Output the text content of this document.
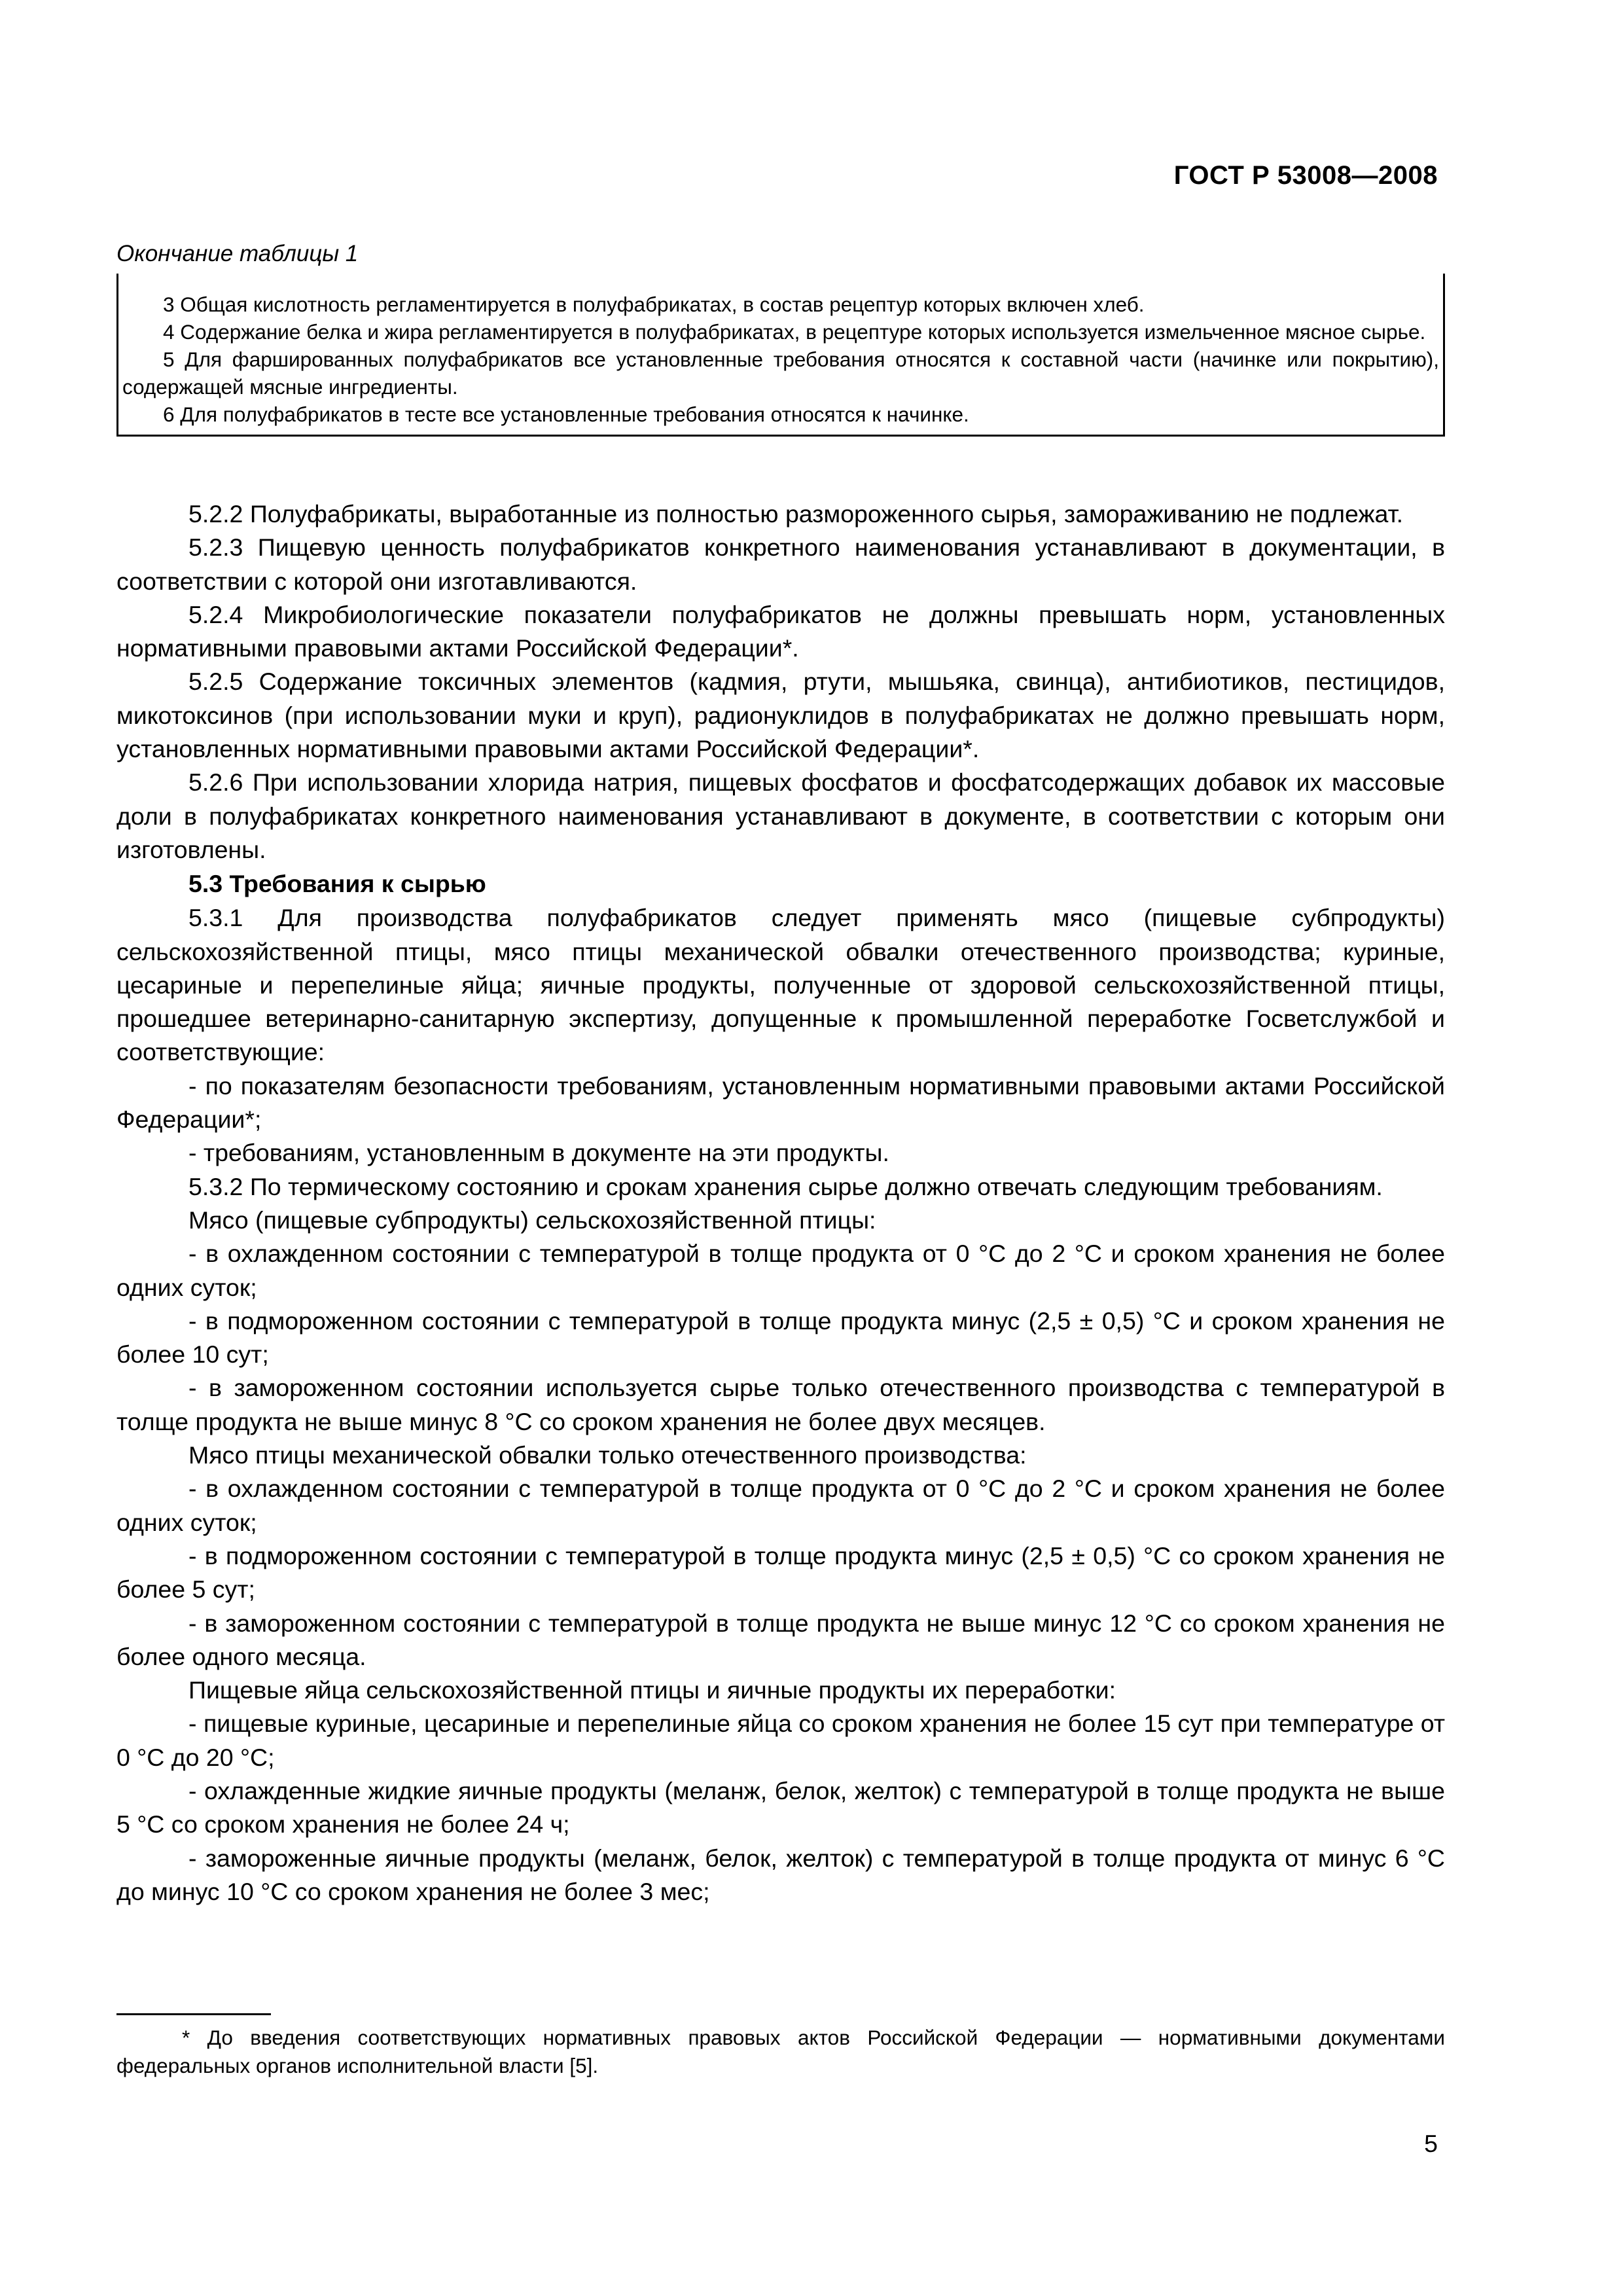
ГОСТ Р 53008—2008
Окончание таблицы 1

3 Общая кислотность регламентируется в полуфабрикатах, в состав рецептур которых включен хлеб.

4 Содержание белка и жира регламентируется в полуфабрикатах, в рецептуре которых используется измельченное мясное сырье.

5 Для фаршированных полуфабрикатов все установленные требования относятся к составной части (начинке или покрытию), содержащей мясные ингредиенты.

6 Для полуфабрикатов в тесте все установленные требования относятся к начинке.

5.2.2 Полуфабрикаты, выработанные из полностью размороженного сырья, замораживанию не подлежат.

5.2.3 Пищевую ценность полуфабрикатов конкретного наименования устанавливают в документации, в соответствии с которой они изготавливаются.

5.2.4 Микробиологические показатели полуфабрикатов не должны превышать норм, установленных нормативными правовыми актами Российской Федерации*.

5.2.5 Содержание токсичных элементов (кадмия, ртути, мышьяка, свинца), антибиотиков, пестицидов, микотоксинов (при использовании муки и круп), радионуклидов в полуфабрикатах не должно превышать норм, установленных нормативными правовыми актами Российской Федерации*.

5.2.6 При использовании хлорида натрия, пищевых фосфатов и фосфатсодержащих добавок их массовые доли в полуфабрикатах конкретного наименования устанавливают в документе, в соответствии с которым они изготовлены.

5.3 Требования к сырью

5.3.1 Для производства полуфабрикатов следует применять мясо (пищевые субпродукты) сельскохозяйственной птицы, мясо птицы механической обвалки отечественного производства; куриные, цесариные и перепелиные яйца; яичные продукты, полученные от здоровой сельскохозяйственной птицы, прошедшее ветеринарно-санитарную экспертизу, допущенные к промышленной переработке Госветслужбой и соответствующие:

- по показателям безопасности требованиям, установленным нормативными правовыми актами Российской Федерации*;

- требованиям, установленным в документе на эти продукты.

5.3.2 По термическому состоянию и срокам хранения сырье должно отвечать следующим требованиям.

Мясо (пищевые субпродукты) сельскохозяйственной птицы:

- в охлажденном состоянии с температурой в толще продукта от 0 °С до 2 °С и сроком хранения не более одних суток;

- в подмороженном состоянии с температурой в толще продукта минус (2,5 ± 0,5) °С и сроком хранения не более 10 сут;

- в замороженном состоянии используется сырье только отечественного производства с температурой в толще продукта не выше минус 8 °С со сроком хранения не более двух месяцев.

Мясо птицы механической обвалки только отечественного производства:

- в охлажденном состоянии с температурой в толще продукта от 0 °С до 2 °С и сроком хранения не более одних суток;

- в подмороженном состоянии с температурой в толще продукта минус (2,5 ± 0,5) °С со сроком хранения не более 5 сут;

- в замороженном состоянии с температурой в толще продукта не выше минус 12 °С со сроком хранения не более одного месяца.

Пищевые яйца сельскохозяйственной птицы и яичные продукты их переработки:

- пищевые куриные, цесариные и перепелиные яйца со сроком хранения не более 15 сут при температуре от 0 °С до 20 °С;

- охлажденные жидкие яичные продукты (меланж, белок, желток) с температурой в толще продукта не выше 5 °С со сроком хранения не более 24 ч;

- замороженные яичные продукты (меланж, белок, желток) с температурой в толще продукта от минус 6 °С до минус 10 °С со сроком хранения не более 3 мес;

* До введения соответствующих нормативных правовых актов Российской Федерации — нормативными документами федеральных органов исполнительной власти [5].

5
